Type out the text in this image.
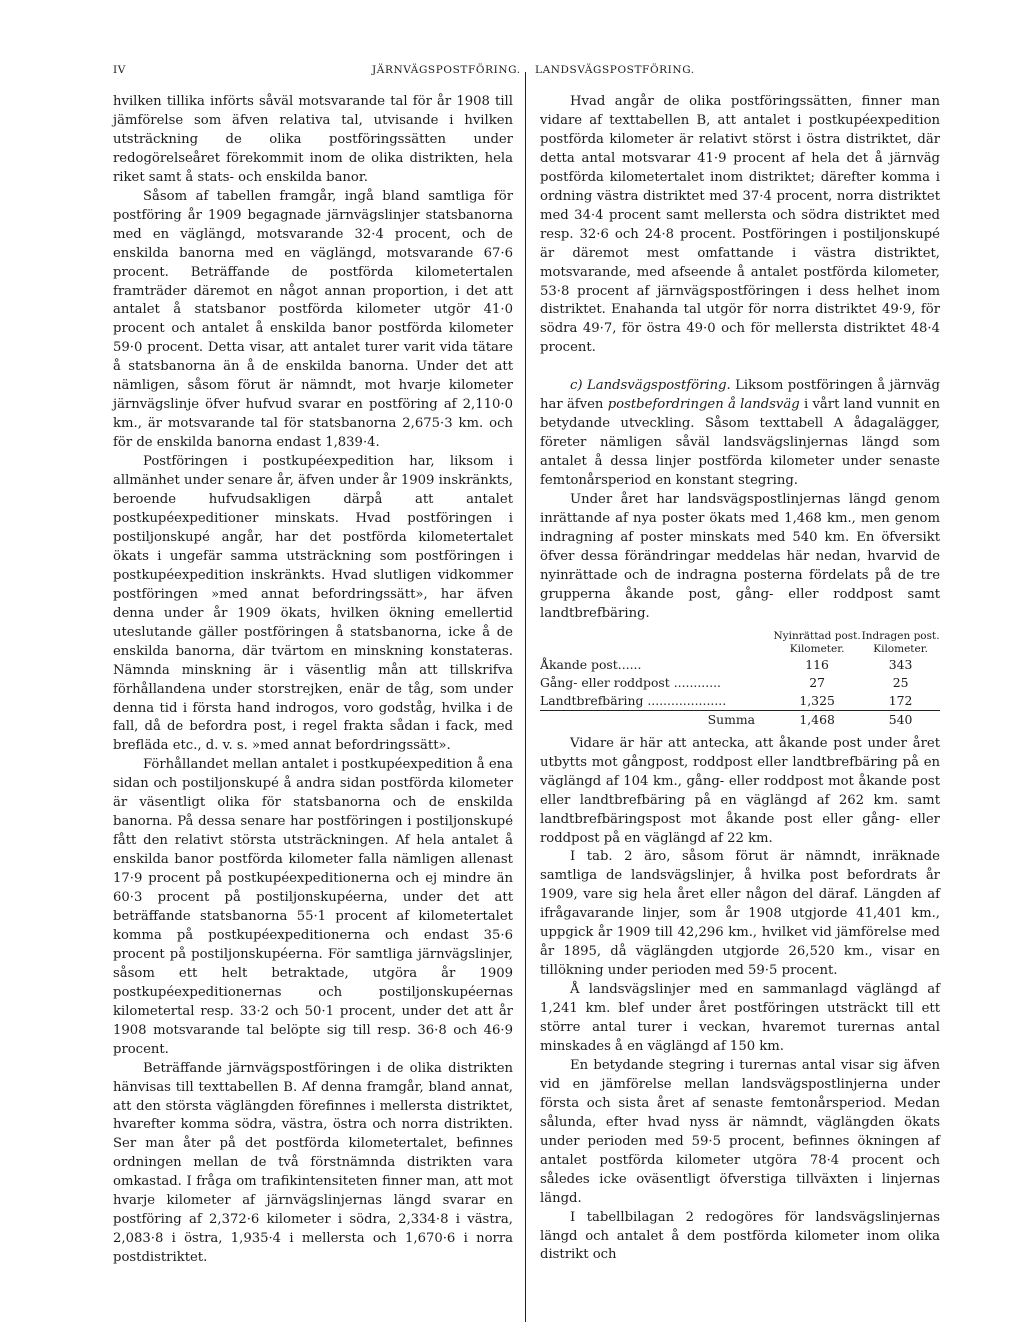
IV	JÄRNVÄGSPOSTFÖRING. LANDSVÄGSPOSTFÖRING.

hvilken tillika införts såväl motsvarande tal för år 1908 till jämförelse som äfven relativa tal, utvisande i hvilken utsträckning de olika postföringssätten under redogörelseåret förekommit inom de olika distrikten, hela riket samt å stats- och enskilda banor.

Såsom af tabellen framgår, ingå bland samtliga för postföring år 1909 begagnade järnvägslinjer statsbanorna med en väglängd, motsvarande 32·4 procent, och de enskilda banorna med en väglängd, motsvarande 67·6 procent. Beträffande de postförda kilometertalen framträder däremot en något annan proportion, i det att antalet å statsbanor postförda kilometer utgör 41·0 procent och antalet å enskilda banor postförda kilometer 59·0 procent. Detta visar, att antalet turer varit vida tätare å statsbanorna än å de enskilda banorna. Under det att nämligen, såsom förut är nämndt, mot hvarje kilometer järnvägslinje öfver hufvud svarar en postföring af 2,110·0 km., är motsvarande tal för statsbanorna 2,675·3 km. och för de enskilda banorna endast 1,839·4.

Postföringen i postkupéexpedition har, liksom i allmänhet under senare år, äfven under år 1909 inskränkts, beroende hufvudsakligen därpå att antalet postkupéexpeditioner minskats. Hvad postföringen i postiljonskupé angår, har det postförda kilometertalet ökats i ungefär samma utsträckning som postföringen i postkupéexpedition inskränkts. Hvad slutligen vidkommer postföringen »med annat befordringssätt», har äfven denna under år 1909 ökats, hvilken ökning emellertid uteslutande gäller postföringen å statsbanorna, icke å de enskilda banorna, där tvärtom en minskning konstateras. Nämnda minskning är i väsentlig mån att tillskrifva förhållandena under storstrejken, enär de tåg, som under denna tid i första hand indrogos, voro godståg, hvilka i de fall, då de befordra post, i regel frakta sådan i fack, med brefläda etc., d. v. s. »med annat befordringssätt».

Förhållandet mellan antalet i postkupéexpedition å ena sidan och postiljonskupé å andra sidan postförda kilometer är väsentligt olika för statsbanorna och de enskilda banorna. På dessa senare har postföringen i postiljonskupé fått den relativt största utsträckningen. Af hela antalet å enskilda banor postförda kilometer falla nämligen allenast 17·9 procent på postkupéexpeditionerna och ej mindre än 60·3 procent på postiljonskupéerna, under det att beträffande statsbanorna 55·1 procent af kilometertalet komma på postkupéexpeditionerna och endast 35·6 procent på postiljonskupéerna. För samtliga järnvägslinjer, såsom ett helt betraktade, utgöra år 1909 postkupéexpeditionernas och postiljonskupéernas kilometertal resp. 33·2 och 50·1 procent, under det att år 1908 motsvarande tal belöpte sig till resp. 36·8 och 46·9 procent.

Beträffande järnvägspostföringen i de olika distrikten hänvisas till texttabellen B. Af denna framgår, bland annat, att den största väglängden förefinnes i mellersta distriktet, hvarefter komma södra, västra, östra och norra distrikten. Ser man åter på det postförda kilometertalet, befinnes ordningen mellan de två förstnämnda distrikten vara omkastad. I fråga om trafikintensiteten finner man, att mot hvarje kilometer af järnvägslinjernas längd svarar en postföring af 2,372·6 kilometer i södra, 2,334·8 i västra, 2,083·8 i östra, 1,935·4 i mellersta och 1,670·6 i norra postdistriktet.

Hvad angår de olika postföringssätten, finner man vidare af texttabellen B, att antalet i postkupéexpedition postförda kilometer är relativt störst i östra distriktet, där detta antal motsvarar 41·9 procent af hela det å järnväg postförda kilometertalet inom distriktet; därefter komma i ordning västra distriktet med 37·4 procent, norra distriktet med 34·4 procent samt mellersta och södra distriktet med resp. 32·6 och 24·8 procent. Postföringen i postiljonskupé är däremot mest omfattande i västra distriktet, motsvarande, med afseende å antalet postförda kilometer, 53·8 procent af järnvägspostföringen i dess helhet inom distriktet. Enahanda tal utgör för norra distriktet 49·9, för södra 49·7, för östra 49·0 och för mellersta distriktet 48·4 procent.

c) Landsvägspostföring. Liksom postföringen å järnväg har äfven postbefordringen å landsväg i vårt land vunnit en betydande utveckling. Såsom texttabell A ådagalägger, företer nämligen såväl landsvägslinjernas längd som antalet å dessa linjer postförda kilometer under senaste femtonårsperiod en konstant stegring.

Under året har landsvägspostlinjernas längd genom inrättande af nya poster ökats med 1,468 km., men genom indragning af poster minskats med 540 km. En öfversikt öfver dessa förändringar meddelas här nedan, hvarvid de nyinrättade och de indragna posterna fördelats på de tre grupperna åkande post, gång- eller roddpost samt landtbrefbäring.

	Nyinrättad post.	Indragen post.
	Kilometer.	Kilometer.
Åkande post......	116	343
Gång- eller roddpost ............	27	25
Landtbrefbäring ....................	1,325	172
Summa	1,468	540

Vidare är här att antecka, att åkande post under året utbytts mot gångpost, roddpost eller landtbrefbäring på en väglängd af 104 km., gång- eller roddpost mot åkande post eller landtbrefbäring på en väglängd af 262 km. samt landtbrefbäringspost mot åkande post eller gång- eller roddpost på en väglängd af 22 km.

I tab. 2 äro, såsom förut är nämndt, inräknade samtliga de landsvägslinjer, å hvilka post befordrats år 1909, vare sig hela året eller någon del däraf. Längden af ifrågavarande linjer, som år 1908 utgjorde 41,401 km., uppgick år 1909 till 42,296 km., hvilket vid jämförelse med år 1895, då väglängden utgjorde 26,520 km., visar en tillökning under perioden med 59·5 procent.

Å landsvägslinjer med en sammanlagd väglängd af 1,241 km. blef under året postföringen utsträckt till ett större antal turer i veckan, hvaremot turernas antal minskades å en väglängd af 150 km.

En betydande stegring i turernas antal visar sig äfven vid en jämförelse mellan landsvägspostlinjerna under första och sista året af senaste femtonårsperiod. Medan sålunda, efter hvad nyss är nämndt, väglängden ökats under perioden med 59·5 procent, befinnes ökningen af antalet postförda kilometer utgöra 78·4 procent och således icke oväsentligt öfverstiga tillväxten i linjernas längd.

I tabellbilagan 2 redogöres för landsvägslinjernas längd och antalet å dem postförda kilometer inom olika distrikt och
